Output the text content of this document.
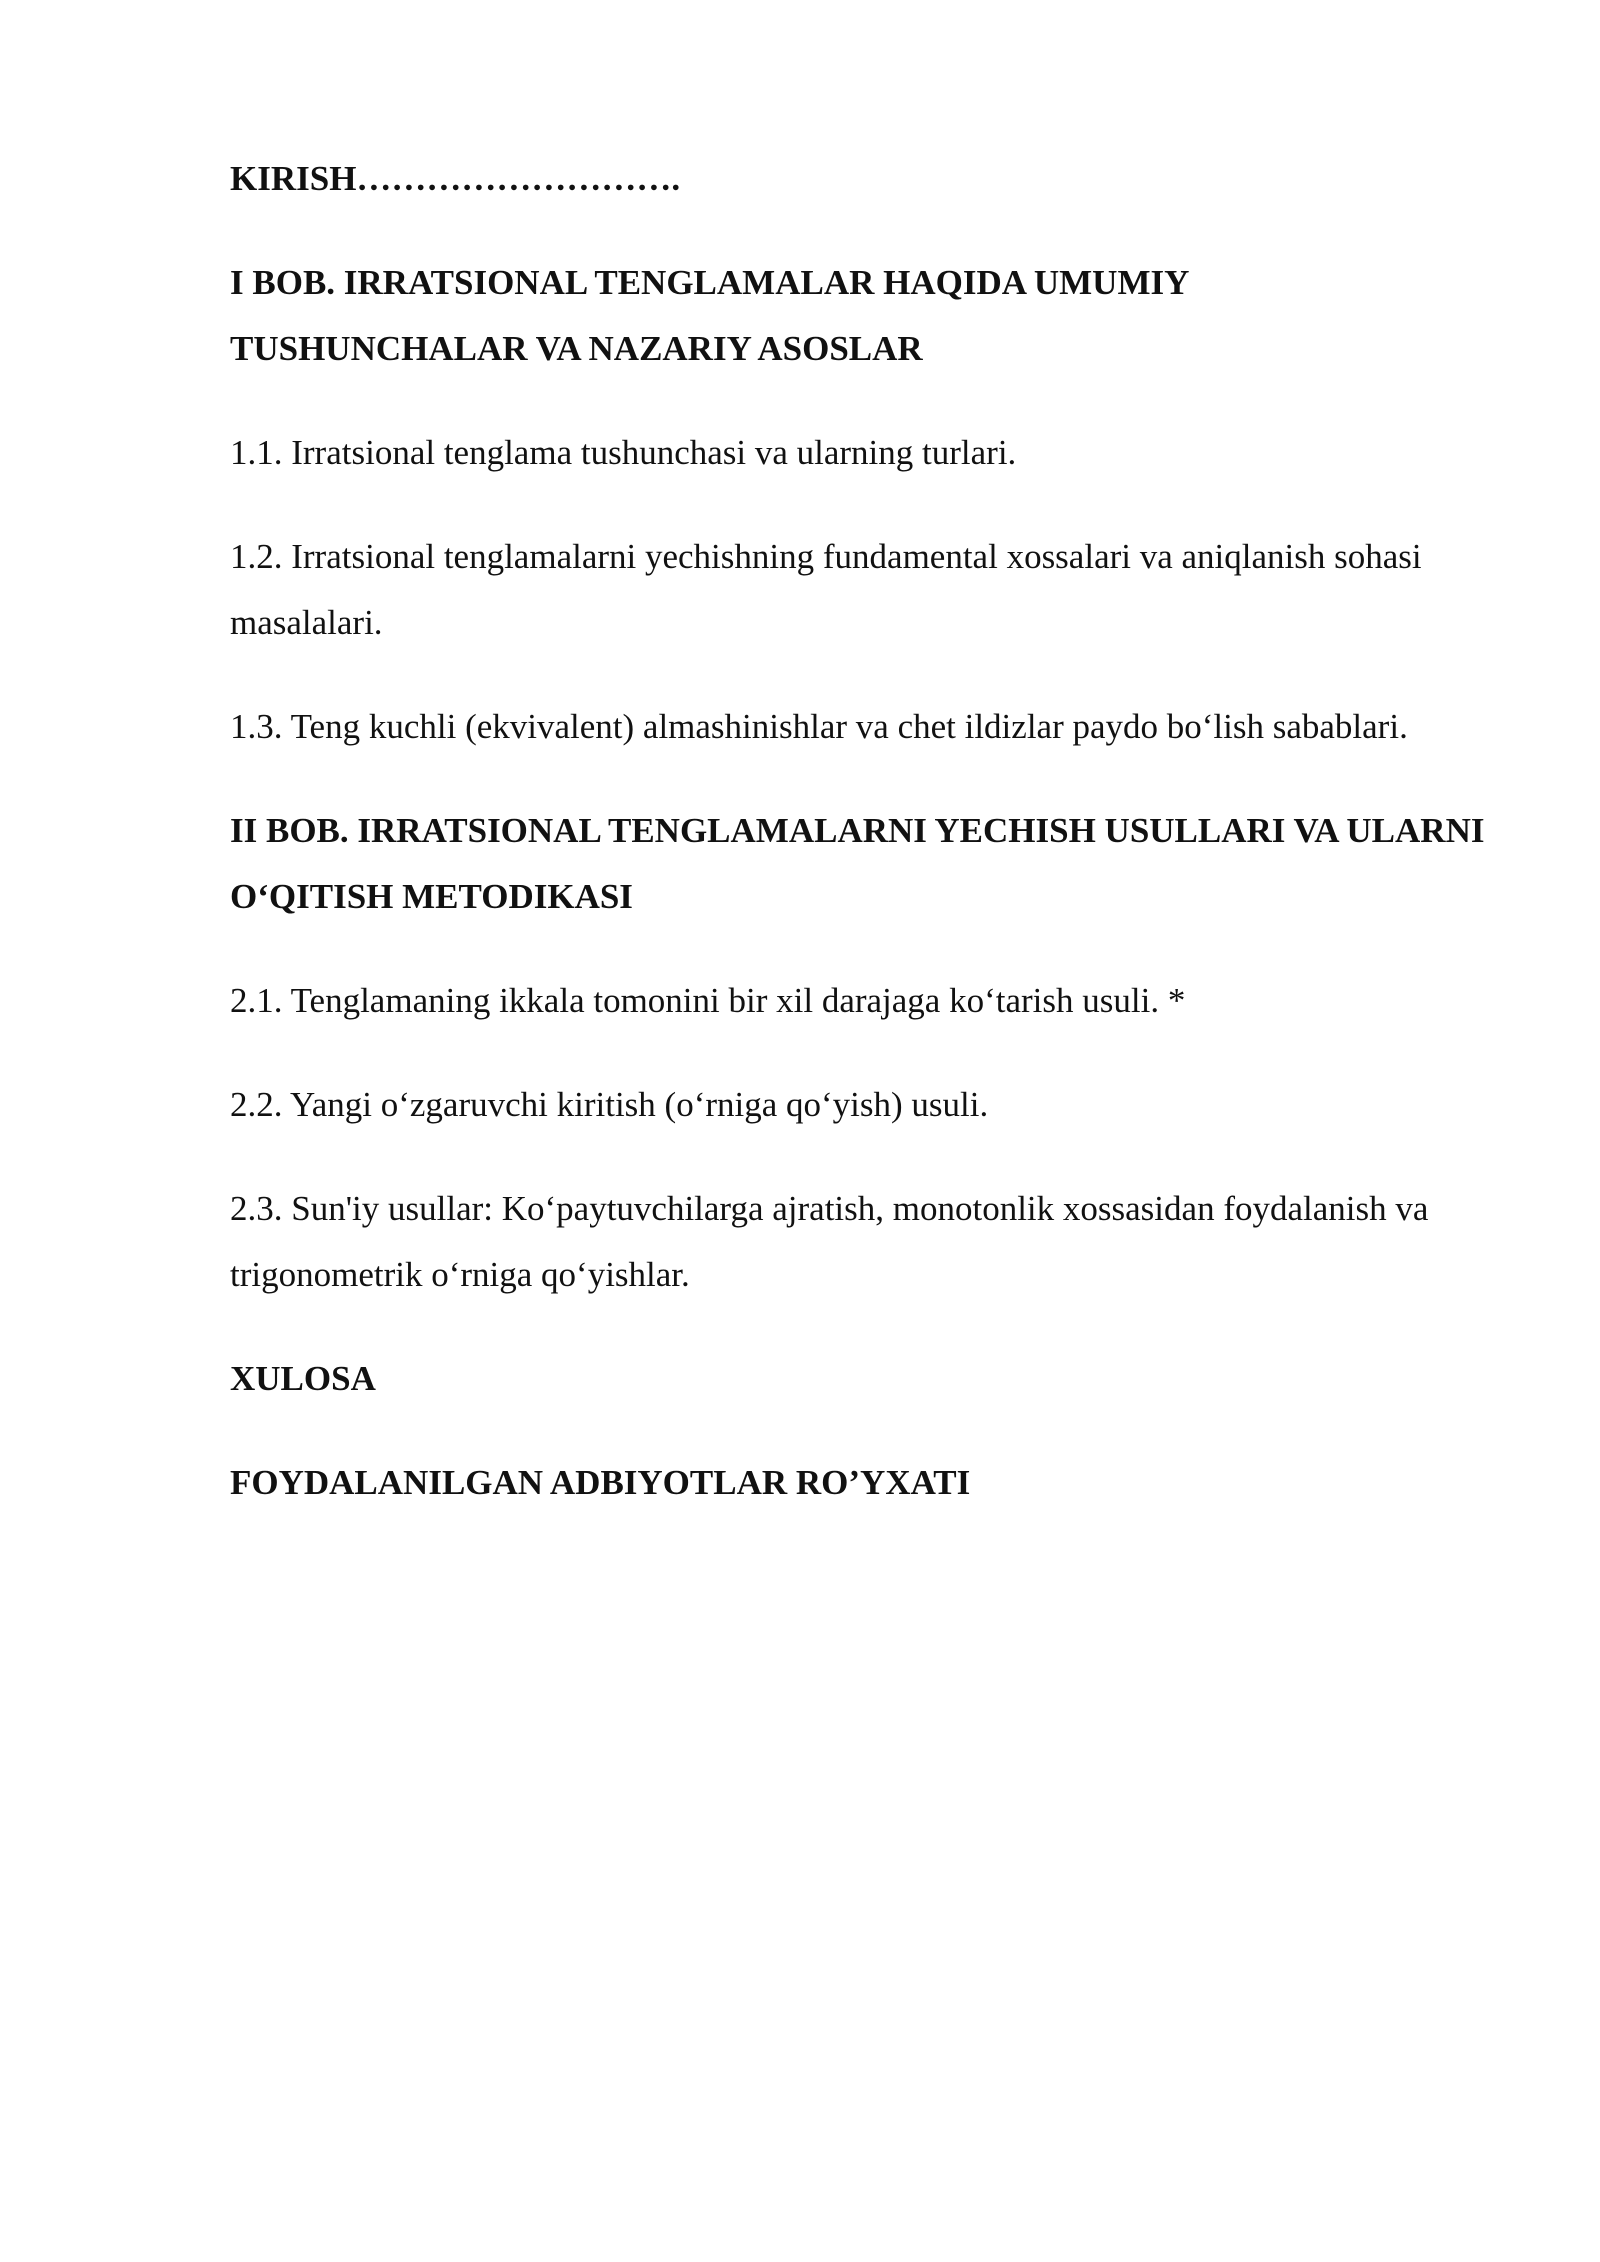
KIRISH……………………….
I BOB. IRRATSIONAL TENGLAMALAR HAQIDA UMUMIY TUSHUNCHALAR VA NAZARIY ASOSLAR
1.1. Irratsional tenglama tushunchasi va ularning turlari.
1.2. Irratsional tenglamalarni yechishning fundamental xossalari va aniqlanish sohasi masalalari.
1.3. Teng kuchli (ekvivalent) almashinishlar va chet ildizlar paydo bo‘lish sabablari.
II BOB. IRRATSIONAL TENGLAMALARNI YECHISH USULLARI VA ULARNI O‘QITISH METODIKASI
2.1. Tenglamaning ikkala tomonini bir xil darajaga ko‘tarish usuli. *
2.2. Yangi o‘zgaruvchi kiritish (o‘rniga qo‘yish) usuli.
2.3. Sun'iy usullar: Ko‘paytuvchilarga ajratish, monotonlik xossasidan foydalanish va trigonometrik o‘rniga qo‘yishlar.
XULOSA
FOYDALANILGAN ADBIYOTLAR RO’YXATI
